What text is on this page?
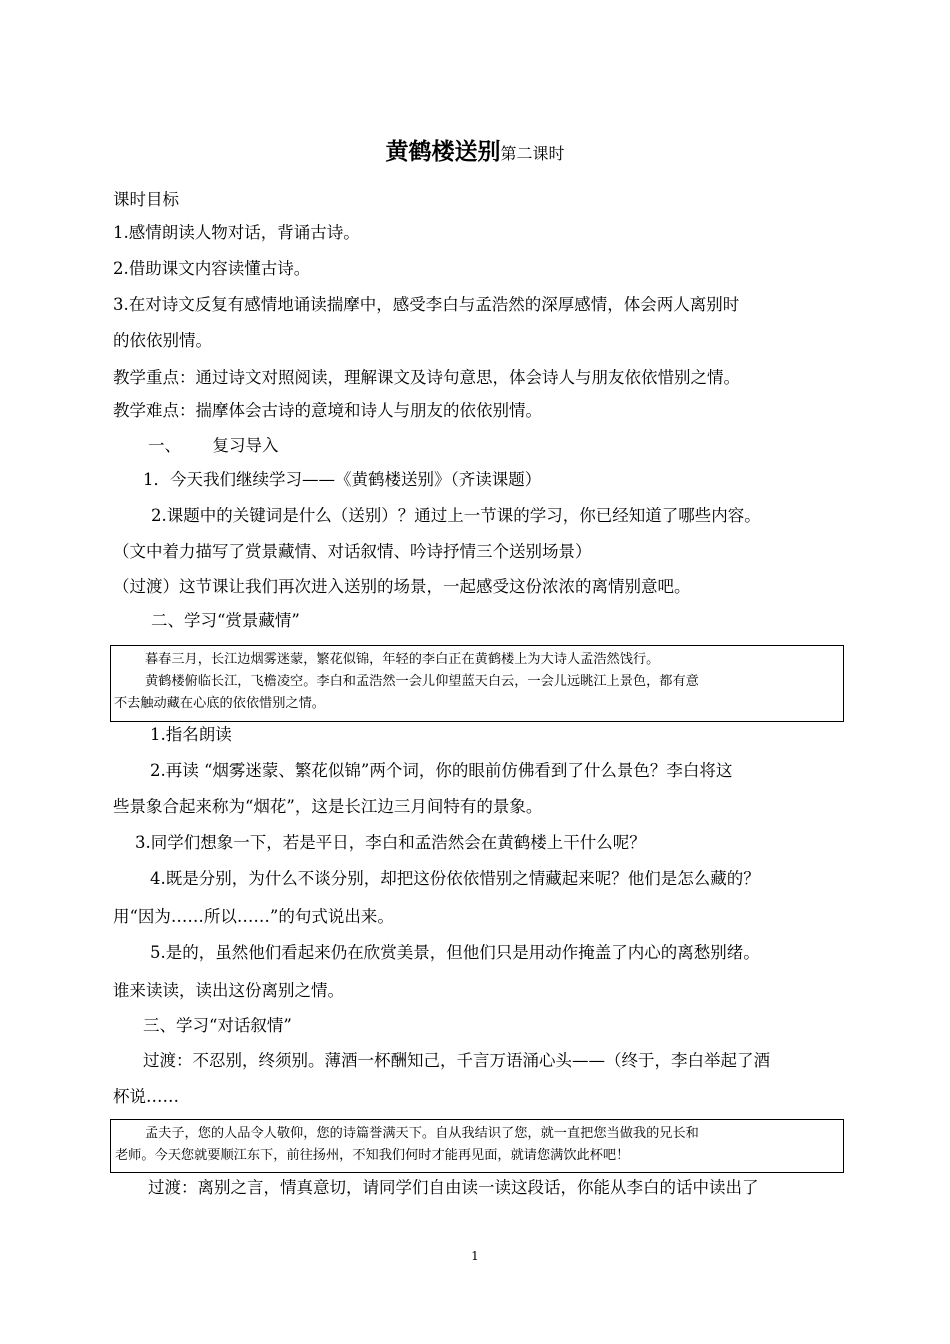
黄鹤楼送别第二课时
课时目标
1.感情朗读人物对话，背诵古诗。
2.借助课文内容读懂古诗。
3.在对诗文反复有感情地诵读揣摩中，感受李白与孟浩然的深厚感情，体会两人离别时
的依依别情。
教学重点：通过诗文对照阅读，理解课文及诗句意思，体会诗人与朋友依依惜别之情。
教学难点：揣摩体会古诗的意境和诗人与朋友的依依别情。
一、      复习导入
1．今天我们继续学习——《黄鹤楼送别》（齐读课题）
2.课题中的关键词是什么（送别）？通过上一节课的学习，你已经知道了哪些内容。
（文中着力描写了赏景藏情、对话叙情、吟诗抒情三个送别场景）
（过渡）这节课让我们再次进入送别的场景，一起感受这份浓浓的离情别意吧。
二、学习“赏景藏情”
暮春三月，长江边烟雾迷蒙，繁花似锦，年轻的李白正在黄鹤楼上为大诗人孟浩然饯行。
黄鹤楼俯临长江，飞檐凌空。李白和孟浩然一会儿仰望蓝天白云，一会儿远眺江上景色，都有意
不去触动藏在心底的依依惜别之情。
1.指名朗读
2.再读 “烟雾迷蒙、繁花似锦”两个词，你的眼前仿佛看到了什么景色？李白将这
些景象合起来称为“烟花”，这是长江边三月间特有的景象。
3.同学们想象一下，若是平日，李白和孟浩然会在黄鹤楼上干什么呢？
4.既是分别，为什么不谈分别，却把这份依依惜别之情藏起来呢？他们是怎么藏的？
用“因为……所以……”的句式说出来。
5.是的，虽然他们看起来仍在欣赏美景，但他们只是用动作掩盖了内心的离愁别绪。
谁来读读，读出这份离别之情。
三、学习“对话叙情”
过渡：不忍别，终须别。薄酒一杯酬知己，千言万语涌心头——（终于，李白举起了酒
杯说……
孟夫子，您的人品令人敬仰，您的诗篇誉满天下。自从我结识了您，就一直把您当做我的兄长和
老师。今天您就要顺江东下，前往扬州，不知我们何时才能再见面，就请您满饮此杯吧！
过渡：离别之言，情真意切，请同学们自由读一读这段话，你能从李白的话中读出了
1
